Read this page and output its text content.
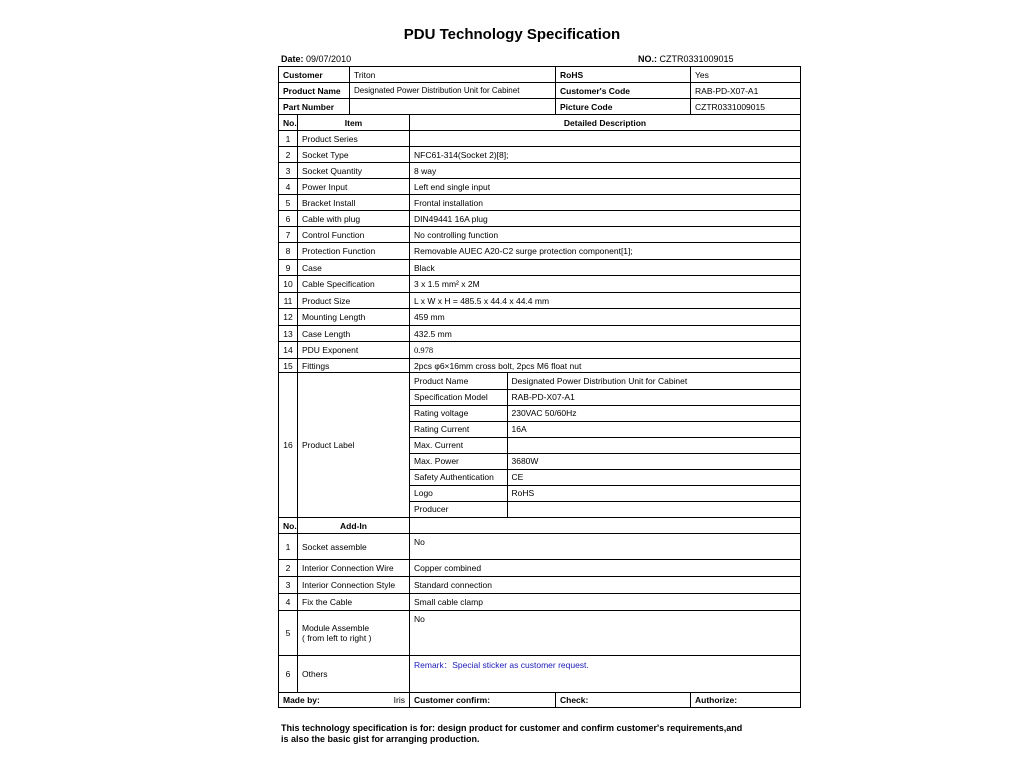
PDU Technology Specification
Date: 09/07/2010	NO.: CZTR0331009015
Customer	Triton	RoHS	Yes
Product Name	Designated Power Distribution Unit for Cabinet	Customer's Code	RAB-PD-X07-A1
Part Number		Picture Code	CZTR0331009015
No.	Item	Detailed Description
1	Product Series	
2	Socket Type	NFC61-314(Socket 2)[8];
3	Socket Quantity	8 way
4	Power Input	Left end single input
5	Bracket Install	Frontal installation
6	Cable with plug	DIN49441 16A plug
7	Control Function	No controlling function
8	Protection Function	Removable AUEC A20-C2 surge protection component[1];
9	Case	Black
10	Cable Specification	3 x 1.5 mm² x 2M
11	Product Size	L x W x H = 485.5 x 44.4 x 44.4 mm
12	Mounting Length	459 mm
13	Case Length	432.5 mm
14	PDU Exponent	0.978
15	Fittings	2pcs φ6×16mm cross bolt, 2pcs M6 float nut
16	Product Label	
Product Name	Designated Power Distribution Unit for Cabinet
Specification Model	RAB-PD-X07-A1
Rating voltage	230VAC 50/60Hz
Rating Current	16A
Max. Current	
Max. Power	3680W
Safety Authentication	CE
Logo	RoHS
Producer	

No.	Add-In	
1	Socket assemble	No
2	Interior Connection Wire	Copper combined
3	Interior Connection Style	Standard connection
4	Fix the Cable	Small cable clamp
5	Module Assemble
( from left to right )
	No
6	Others
	Remark：Special sticker as customer request.
Made by:	Iris	Customer confirm:	Check:	Authorize:
This technology specification is for: design product for customer and confirm customer's requirements,and
is also the basic gist for arranging production.
